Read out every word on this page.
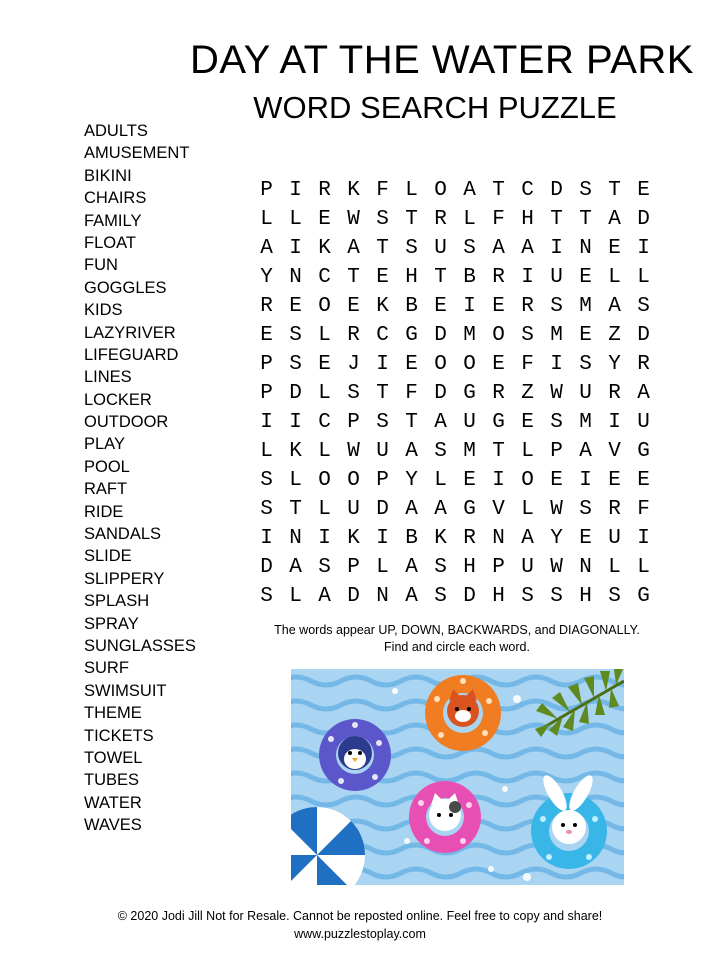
DAY AT THE WATER PARK
WORD SEARCH PUZZLE
ADULTS
AMUSEMENT
BIKINI
CHAIRS
FAMILY
FLOAT
FUN
GOGGLES
KIDS
LAZYRIVER
LIFEGUARD
LINES
LOCKER
OUTDOOR
PLAY
POOL
RAFT
RIDE
SANDALS
SLIDE
SLIPPERY
SPLASH
SPRAY
SUNGLASSES
SURF
SWIMSUIT
THEME
TICKETS
TOWEL
TUBES
WATER
WAVES
P I R K F L O A T C D S T E
L L E W S T R L F H T T A D
A I K A T S U S A A I N E I
Y N C T E H T B R I U E L L
R E O E K B E I E R S M A S
E S L R C G D M O S M E Z D
P S E J I E O O E F I S Y R
P D L S T F D G R Z W U R A
I I C P S T A U G E S M I U
L K L W U A S M T L P A V G
S L O O P Y L E I O E I E E
S T L U D A A G V L W S R F
I N I K I B K R N A Y E U I
D A S P L A S H P U W N L L
S L A D N A S D H S S H S G
The words appear UP, DOWN, BACKWARDS, and DIAGONALLY.
Find and circle each word.
© 2020 Jodi Jill Not for Resale. Cannot be reposted online. Feel free to copy and share!
www.puzzlestoplay.com
